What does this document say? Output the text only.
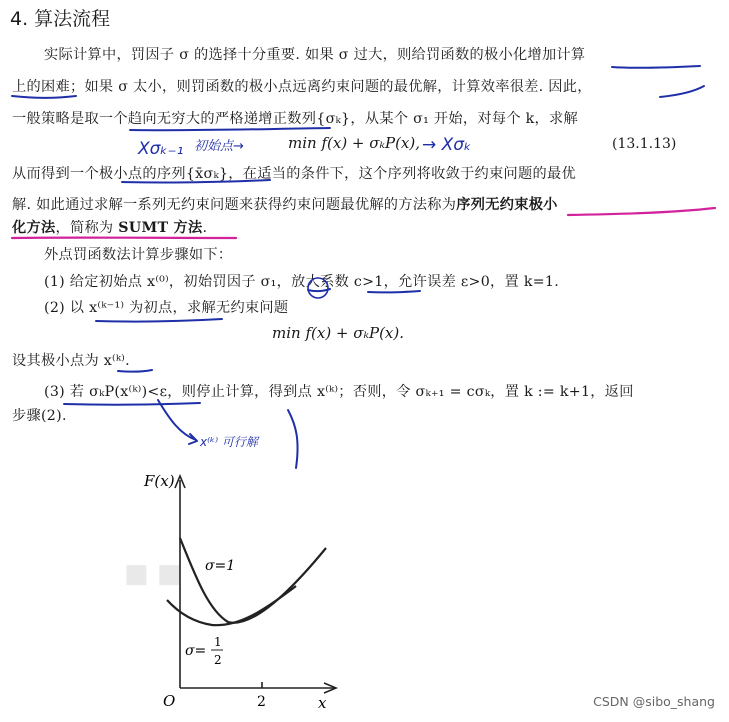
4. 算法流程
实际计算中，罚因子 σ 的选择十分重要. 如果 σ 过大，则给罚函数的极小化增加计算
上的困难；如果 σ 太小，则罚函数的极小点远离约束问题的最优解，计算效率很差. 因此，
一般策略是取一个趋向无穷大的严格递增正数列{σₖ}，从某个 σ₁ 开始，对每个 k，求解
min f(x) + σₖP(x),	(13.1.13)
从而得到一个极小点的序列{x̄σₖ}，在适当的条件下，这个序列将收敛于约束问题的最优
解. 如此通过求解一系列无约束问题来获得约束问题最优解的方法称为序列无约束极小
化方法，简称为 SUMT 方法.
外点罚函数法计算步骤如下：
(1) 给定初始点 x⁽⁰⁾，初始罚因子 σ₁，放大系数 c>1，允许误差 ε>0，置 k=1.
(2) 以 x⁽ᵏ⁻¹⁾ 为初点，求解无约束问题
min f(x) + σₖP(x).
设其极小点为 x⁽ᵏ⁾.
(3) 若 σₖP(x⁽ᵏ⁾)<ε，则停止计算，得到点 x⁽ᵏ⁾；否则，令 σₖ₊₁ = cσₖ，置 k := k+1，返回
步骤(2).
Xσₖ₋₁ 初始点→	→ Xσₖ
x⁽ᵏ⁾ 可行解
■ ■
F(x)
x
O	2
σ=1
σ=
1
2
CSDN @sibo_shang
